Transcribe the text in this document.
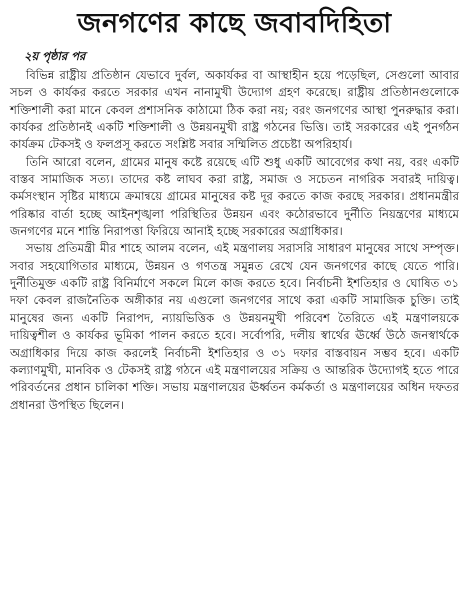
জনগণের কাছে জবাবদিহিতা
২য় পৃষ্ঠার পর

বিভিন্ন রাষ্ট্রীয় প্রতিষ্ঠান যেভাবে দুর্বল, অকার্যকর বা আস্থাহীন হয়ে পড়েছিল, সেগুলো আবার সচল ও কার্যকর করতে সরকার এখন নানামুখী উদ্যোগ গ্রহণ করেছে। রাষ্ট্রীয় প্রতিষ্ঠানগুলোকে শক্তিশালী করা মানে কেবল প্রশাসনিক কাঠামো ঠিক করা নয়; বরং জনগণের আস্থা পুনরুদ্ধার করা। কার্যকর প্রতিষ্ঠানই একটি শক্তিশালী ও উন্নয়নমুখী রাষ্ট্র গঠনের ভিত্তি। তাই সরকারের এই পুনর্গঠন কার্যক্রম টেকসই ও ফলপ্রসূ করতে সংশ্লিষ্ট সবার সম্মিলিত প্রচেষ্টা অপরিহার্য।

তিনি আরো বলেন, গ্রামের মানুষ কষ্টে রয়েছে এটি শুধু একটি আবেগের কথা নয়, বরং একটি বাস্তব সামাজিক সত্য। তাদের কষ্ট লাঘব করা রাষ্ট্র, সমাজ ও সচেতন নাগরিক সবারই দায়িত্ব। কর্মসংস্থান সৃষ্টির মাধ্যমে ক্রমান্বয়ে গ্রামের মানুষের কষ্ট দূর করতে কাজ করছে সরকার। প্রধানমন্ত্রীর পরিষ্কার বার্তা হচ্ছে আইনশৃঙ্খলা পরিস্থিতির উন্নয়ন এবং কঠোরভাবে দুর্নীতি নিয়ন্ত্রণের মাধ্যমে জনগণের মনে শান্তি নিরাপত্তা ফিরিয়ে আনাই হচ্ছে সরকারের অগ্রাধিকার।

সভায় প্রতিমন্ত্রী মীর শাহে আলম বলেন, এই মন্ত্রণালয় সরাসরি সাধারণ মানুষের সাথে সম্পৃক্ত। সবার সহযোগিতার মাধ্যমে, উন্নয়ন ও গণতন্ত্র সমুন্নত রেখে যেন জনগণের কাছে যেতে পারি। দুর্নীতিমুক্ত একটি রাষ্ট্র বিনির্মাণে সকলে মিলে কাজ করতে হবে। নির্বাচনী ইশতিহার ও ঘোষিত ৩১ দফা কেবল রাজনৈতিক অঙ্গীকার নয় এগুলো জনগণের সাথে করা একটি সামাজিক চুক্তি। তাই মানুষের জন্য একটি নিরাপদ, ন্যায়ভিত্তিক ও উন্নয়নমুখী পরিবেশ তৈরিতে এই মন্ত্রণালয়কে দায়িত্বশীল ও কার্যকর ভূমিকা পালন করতে হবে। সর্বোপরি, দলীয় স্বার্থের ঊর্ধ্বে উঠে জনস্বার্থকে অগ্রাধিকার দিয়ে কাজ করলেই নির্বাচনী ইশতিহার ও ৩১ দফার বাস্তবায়ন সম্ভব হবে। একটি কল্যাণমুখী, মানবিক ও টেকসই রাষ্ট্র গঠনে এই মন্ত্রণালয়ের সক্রিয় ও আন্তরিক উদ্যোগই হতে পারে পরিবর্তনের প্রধান চালিকা শক্তি। সভায় মন্ত্রণালয়ের ঊর্ধ্বতন কর্মকর্তা ও মন্ত্রণালয়ের অধিন দফতর প্রধানরা উপস্থিত ছিলেন।
